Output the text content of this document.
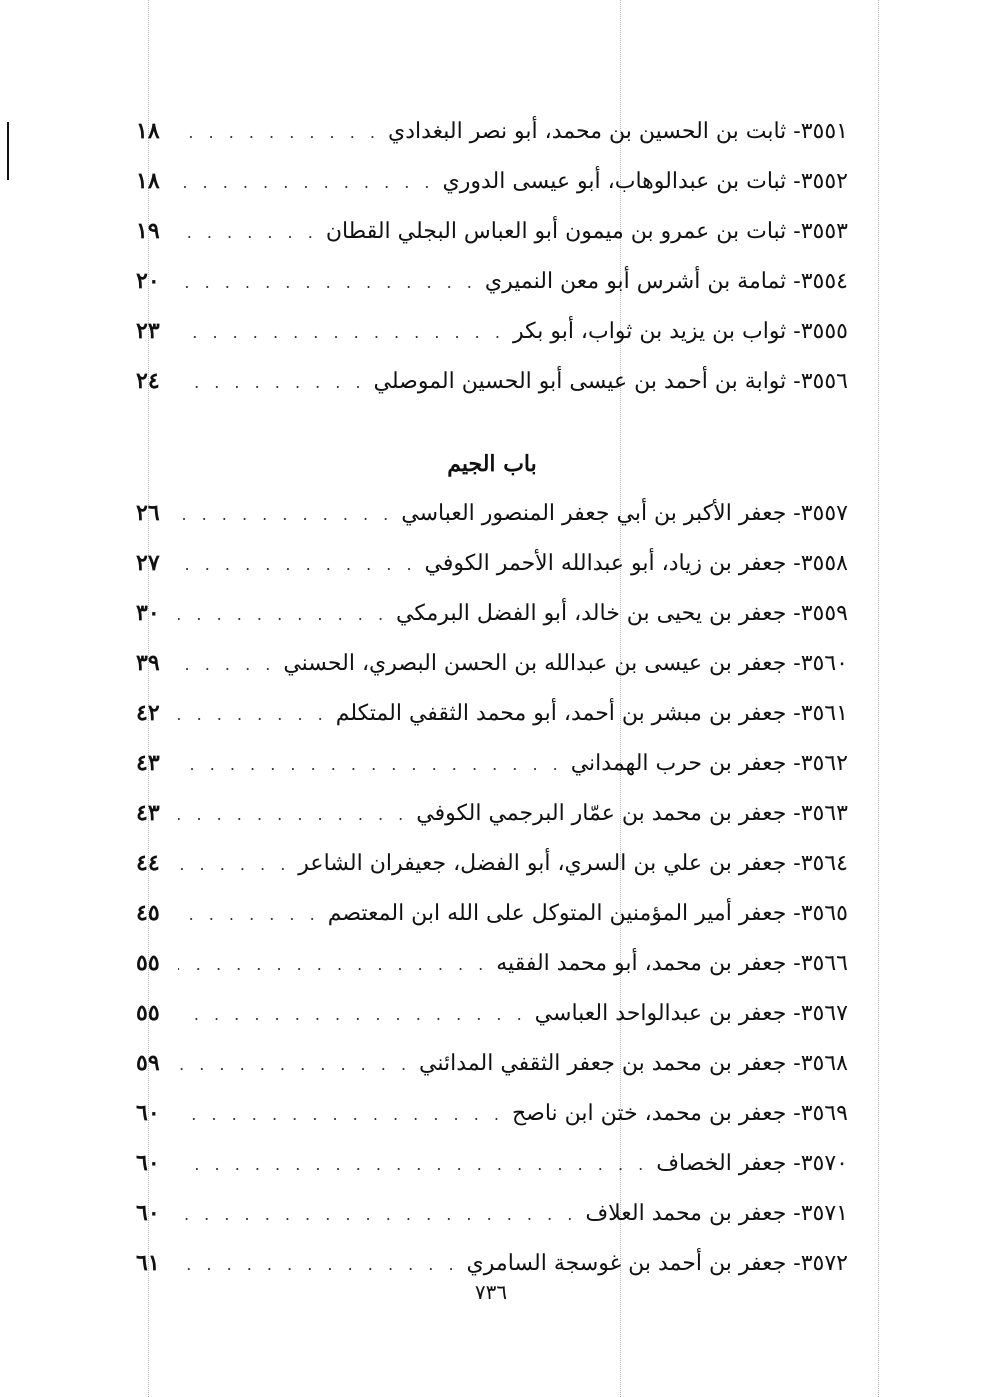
٣٥٥١- ثابت بن الحسين بن محمد، أبو نصر البغدادي
. . .
١٨
٣٥٥٢- ثبات بن عبدالوهاب، أبو عيسى الدوري
. . .
١٨
٣٥٥٣- ثبات بن عمرو بن ميمون أبو العباس البجلي القطان
. . .
١٩
٣٥٥٤- ثمامة بن أشرس أبو معن النميري
. . .
٢٠
٣٥٥٥- ثواب بن يزيد بن ثواب، أبو بكر
. . .
٢٣
٣٥٥٦- ثوابة بن أحمد بن عيسى أبو الحسين الموصلي
. . .
٢٤
باب الجيم
٣٥٥٧- جعفر الأكبر بن أبي جعفر المنصور العباسي
. . .
٢٦
٣٥٥٨- جعفر بن زياد، أبو عبدالله الأحمر الكوفي
. . .
٢٧
٣٥٥٩- جعفر بن يحيى بن خالد، أبو الفضل البرمكي
. . .
٣٠
٣٥٦٠- جعفر بن عيسى بن عبدالله بن الحسن البصري، الحسني
. . .
٣٩
٣٥٦١- جعفر بن مبشر بن أحمد، أبو محمد الثقفي المتكلم
. . .
٤٢
٣٥٦٢- جعفر بن حرب الهمداني
. . .
٤٣
٣٥٦٣- جعفر بن محمد بن عمّار البرجمي الكوفي
. . .
٤٣
٣٥٦٤- جعفر بن علي بن السري، أبو الفضل، جعيفران الشاعر
. . .
٤٤
٣٥٦٥- جعفر أمير المؤمنين المتوكل على الله ابن المعتصم
. . .
٤٥
٣٥٦٦- جعفر بن محمد، أبو محمد الفقيه
. . .
٥٥
٣٥٦٧- جعفر بن عبدالواحد العباسي
. . .
٥٥
٣٥٦٨- جعفر بن محمد بن جعفر الثقفي المدائني
. . .
٥٩
٣٥٦٩- جعفر بن محمد، ختن ابن ناصح
. . .
٦٠
٣٥٧٠- جعفر الخصاف
. . .
٦٠
٣٥٧١- جعفر بن محمد العلاف
. . .
٦٠
٣٥٧٢- جعفر بن أحمد بن غوسجة السامري
. . .
٦١
٧٣٦
